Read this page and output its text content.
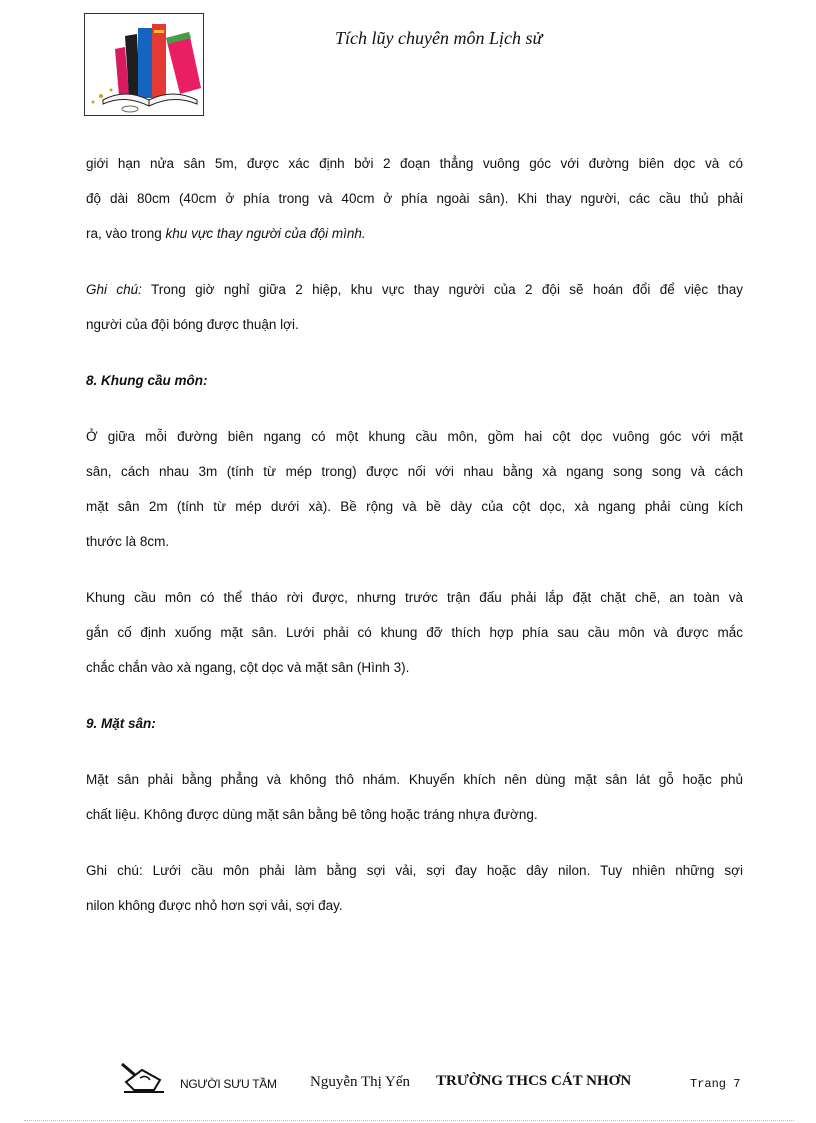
Tích lũy chuyên môn Lịch sử
giới hạn nửa sân 5m, được xác định bởi 2 đoạn thẳng vuông góc với đường biên dọc và có
độ dài 80cm (40cm ở phía trong và 40cm ở phía ngoài sân). Khi thay người, các cầu thủ phải
ra, vào trong khu vực thay người của đội mình.
Ghi chú: Trong giờ nghỉ giữa 2 hiệp, khu vực thay người của 2 đội sẽ hoán đổi để việc thay
người của đội bóng được thuận lợi.
8. Khung cầu môn:
Ở giữa mỗi đường biên ngang có một khung cầu môn, gồm hai cột dọc vuông góc với mặt
sân, cách nhau 3m (tính từ mép trong) được nối với nhau bằng xà ngang song song và cách
mặt sân 2m (tính từ mép dưới xà). Bề rộng và bề dày của cột dọc, xà ngang phải cùng kích
thước là 8cm.
Khung cầu môn có thể tháo rời được, nhưng trước trận đấu phải lắp đặt chặt chẽ, an toàn và
gắn cố định xuống mặt sân. Lưới phải có khung đỡ thích hợp phía sau cầu môn và được mắc
chắc chắn vào xà ngang, cột dọc và mặt sân (Hình 3).
9. Mặt sân:
Mặt sân phải bằng phẳng và không thô nhám. Khuyến khích nên dùng mặt sân lát gỗ hoặc phủ
chất liệu. Không được dùng mặt sân bằng bê tông hoặc tráng nhựa đường.
Ghi chú: Lưới cầu môn phải làm bằng sợi vải, sợi đay hoặc dây nilon. Tuy nhiên những sợi
nilon không được nhỏ hơn sợi vải, sợi đay.
NGƯỜI SƯU TẦM Nguyễn Thị Yến TRƯỜNG THCS CÁT NHƠN	Trang 7
